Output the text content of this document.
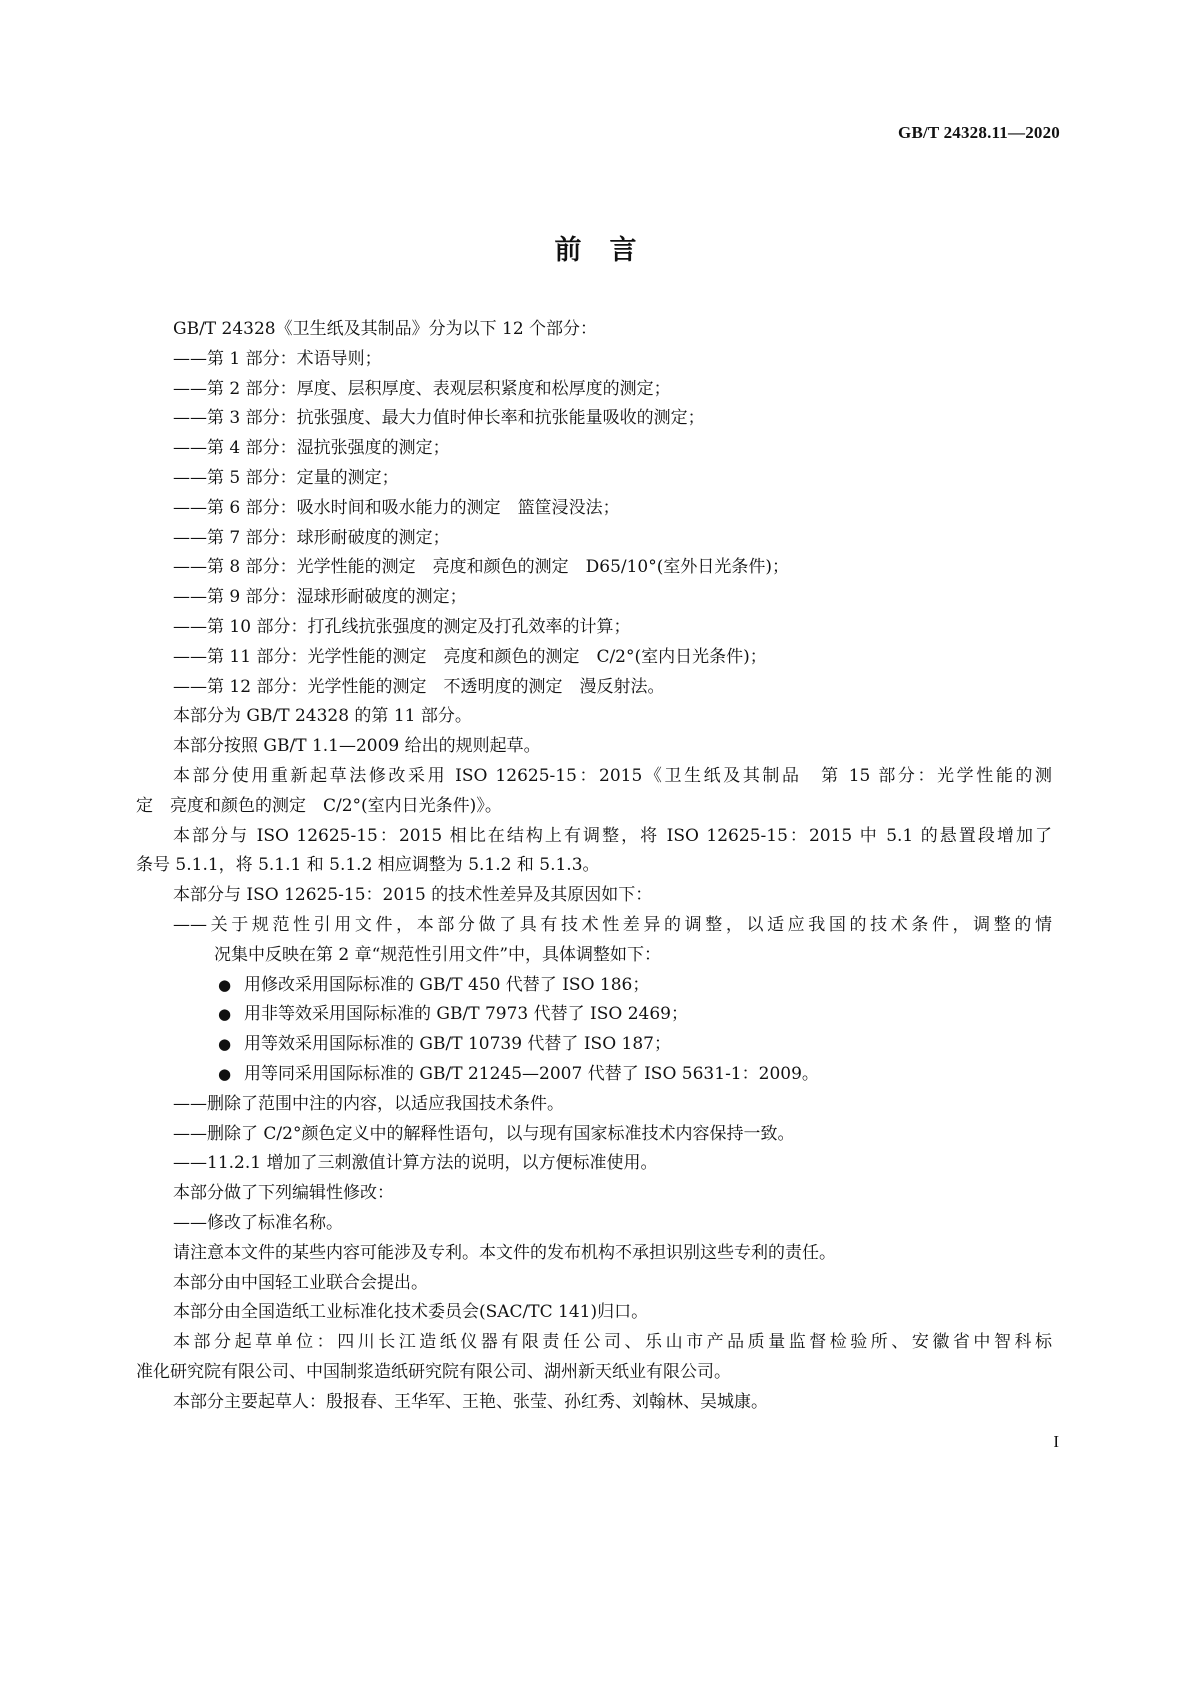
GB/T 24328.11—2020
前言
GB/T 24328《卫生纸及其制品》分为以下 12 个部分：
——第 1 部分：术语导则；
——第 2 部分：厚度、层积厚度、表观层积紧度和松厚度的测定；
——第 3 部分：抗张强度、最大力值时伸长率和抗张能量吸收的测定；
——第 4 部分：湿抗张强度的测定；
——第 5 部分：定量的测定；
——第 6 部分：吸水时间和吸水能力的测定　篮筐浸没法；
——第 7 部分：球形耐破度的测定；
——第 8 部分：光学性能的测定　亮度和颜色的测定　D65/10°(室外日光条件)；
——第 9 部分：湿球形耐破度的测定；
——第 10 部分：打孔线抗张强度的测定及打孔效率的计算；
——第 11 部分：光学性能的测定　亮度和颜色的测定　C/2°(室内日光条件)；
——第 12 部分：光学性能的测定　不透明度的测定　漫反射法。
本部分为 GB/T 24328 的第 11 部分。
本部分按照 GB/T 1.1—2009 给出的规则起草。
本部分使用重新起草法修改采用 ISO 12625-15：2015《卫生纸及其制品　第 15 部分：光学性能的测
定　亮度和颜色的测定　C/2°(室内日光条件)》。
本部分与 ISO 12625-15：2015 相比在结构上有调整，将 ISO 12625-15：2015 中 5.1 的悬置段增加了
条号 5.1.1，将 5.1.1 和 5.1.2 相应调整为 5.1.2 和 5.1.3。
本部分与 ISO 12625-15：2015 的技术性差异及其原因如下：
——关于规范性引用文件，本部分做了具有技术性差异的调整，以适应我国的技术条件，调整的情
况集中反映在第 2 章“规范性引用文件”中，具体调整如下：
● 用修改采用国际标准的 GB/T 450 代替了 ISO 186；
● 用非等效采用国际标准的 GB/T 7973 代替了 ISO 2469；
● 用等效采用国际标准的 GB/T 10739 代替了 ISO 187；
● 用等同采用国际标准的 GB/T 21245—2007 代替了 ISO 5631-1：2009。
——删除了范围中注的内容，以适应我国技术条件。
——删除了 C/2°颜色定义中的解释性语句，以与现有国家标准技术内容保持一致。
——11.2.1 增加了三刺激值计算方法的说明，以方便标准使用。
本部分做了下列编辑性修改：
——修改了标准名称。
请注意本文件的某些内容可能涉及专利。本文件的发布机构不承担识别这些专利的责任。
本部分由中国轻工业联合会提出。
本部分由全国造纸工业标准化技术委员会(SAC/TC 141)归口。
本部分起草单位：四川长江造纸仪器有限责任公司、乐山市产品质量监督检验所、安徽省中智科标
准化研究院有限公司、中国制浆造纸研究院有限公司、湖州新天纸业有限公司。
本部分主要起草人：殷报春、王华军、王艳、张莹、孙红秀、刘翰林、吴城康。
I
